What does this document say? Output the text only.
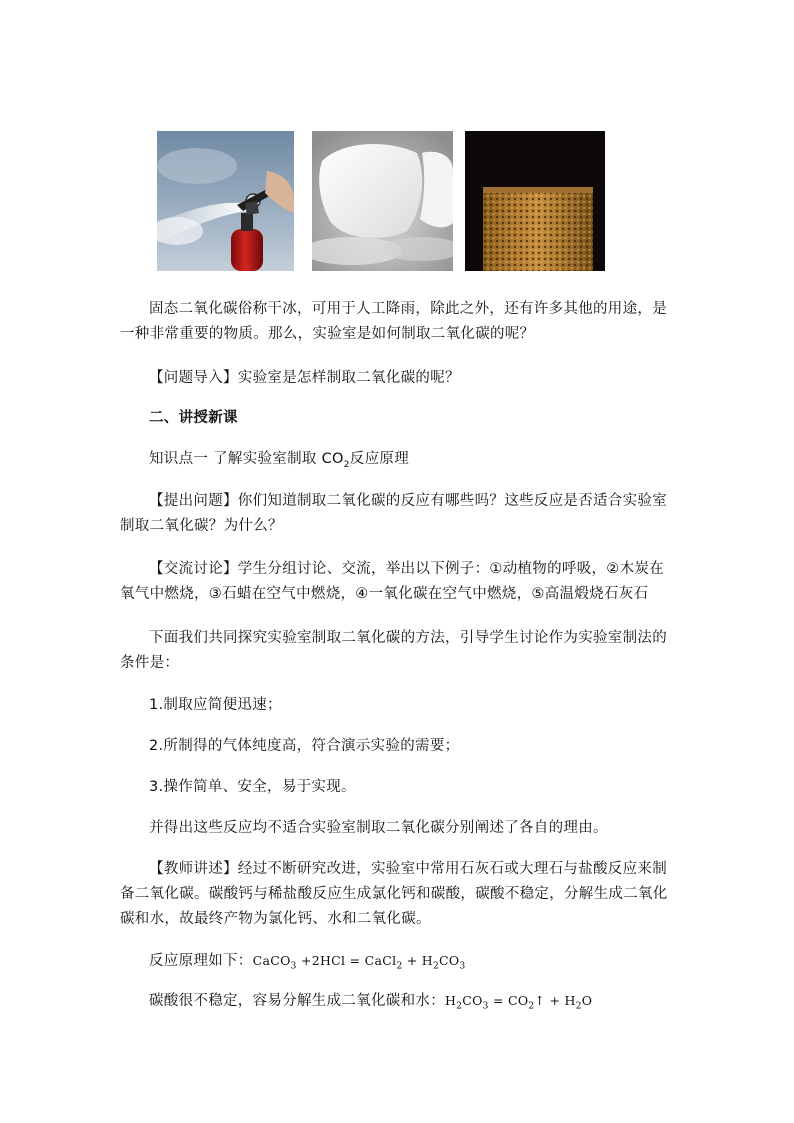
固态二氧化碳俗称干冰，可用于人工降雨，除此之外，还有许多其他的用途，是一种非常重要的物质。那么，实验室是如何制取二氧化碳的呢？

【问题导入】实验室是怎样制取二氧化碳的呢？

二、讲授新课

知识点一 了解实验室制取 $CO_2$反应原理

【提出问题】你们知道制取二氧化碳的反应有哪些吗？这些反应是否适合实验室制取二氧化碳？为什么？

【交流讨论】学生分组讨论、交流，举出以下例子：①动植物的呼吸，②木炭在氧气中燃烧，③石蜡在空气中燃烧，④一氧化碳在空气中燃烧，⑤高温煅烧石灰石

下面我们共同探究实验室制取二氧化碳的方法，引导学生讨论作为实验室制法的条件是：

1.制取应简便迅速；

2.所制得的气体纯度高，符合演示实验的需要；

3.操作简单、安全，易于实现。

并得出这些反应均不适合实验室制取二氧化碳分别阐述了各自的理由。

【教师讲述】经过不断研究改进，实验室中常用石灰石或大理石与盐酸反应来制备二氧化碳。碳酸钙与稀盐酸反应生成氯化钙和碳酸，碳酸不稳定，分解生成二氧化碳和水，故最终产物为氯化钙、水和二氧化碳。

反应原理如下：CaCO$_3$ +2HCl = CaCl$_2$ + $H_2CO_3$

碳酸很不稳定，容易分解生成二氧化碳和水：$H_2CO_3$ = $CO_2↑ + H_2O$
